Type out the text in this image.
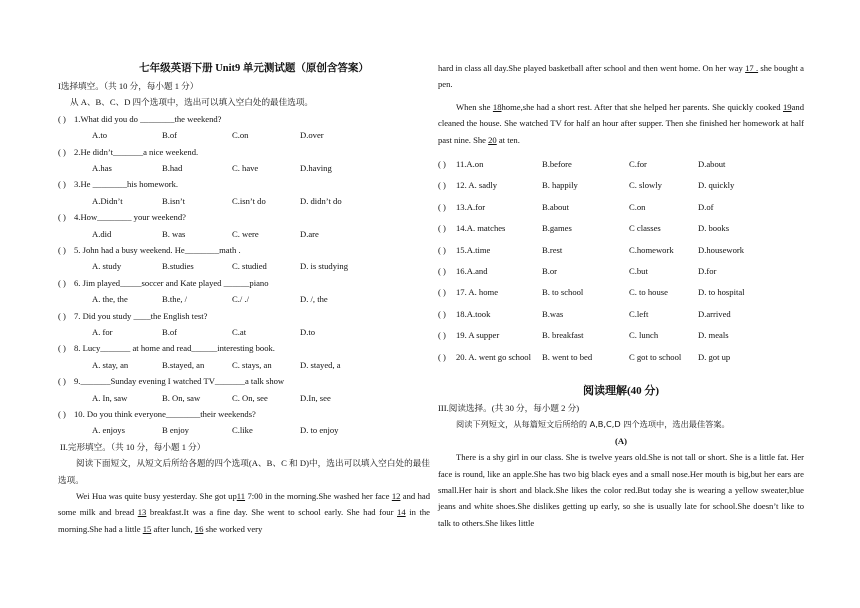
七年级英语下册 Unit9 单元测试题（原创含答案）
I选择填空。（共 10 分，每小题 1 分）
从 A、B、C、D 四个选项中，选出可以填入空白处的最佳选项。
( ) 1.What did you do ________the weekend?
A.to	B.of	C.on	D.over
( ) 2.He didn’t_______a nice weekend.
A.has	B.had	C. have	D.having
( ) 3.He ________his homework.
A.Didn’t	B.isn’t	C.isn’t do	D. didn’t do
( ) 4.How________ your weekend?
A.did	B. was	C. were	D.are
( ) 5. John had a busy weekend. He________math .
A. study	B.studies	C. studied	D. is studying
( ) 6. Jim played_____soccer and Kate played ______piano
A. the, the	B.the, /	C./ ./	D. /, the
( ) 7. Did you study ____the English test?
A. for	B.of	C.at	D.to
( ) 8. Lucy_______ at home and read______interesting book.
A. stay, an	B.stayed, an	C. stays, an	D. stayed, a
( ) 9._______Sunday evening I watched TV_______a talk show
A. In, saw	B. On, saw	C. On, see	D.In, see
( ) 10. Do you think everyone________their weekends?
A. enjoys	B enjoy	C.like	D. to enjoy
II.完形填空。（共 10 分，每小题 1 分）
阅读下面短文，从短文后所给各题的四个选项(A、B、C 和 D)中，选出可以填入空白处的最佳选项。
Wei Hua was quite busy yesterday. She got up11 7:00 in the morning.She washed her face 12 and had some milk and bread 13 breakfast.It was a fine day. She went to school early. She had four 14 in the morning.She had a little 15 after lunch, 16 she worked very
hard in class all day.She played basketball after school and then went home. On her way 17 . she bought a pen.
When she 18home,she had a short rest. After that she helped her parents. She quickly cooked 19and cleaned the house. She watched TV for half an hour after supper. Then she finished her homework at half past nine. She 20 at ten.
( ) 11.A.on	B.before	C.for	D.about
( ) 12. A. sadly	B. happily	C. slowly	D. quickly
( ) 13.A.for	B.about	C.on	D.of
( ) 14.A. matches	B.games	C classes	D. books
( ) 15.A.time	B.rest	C.homework	D.housework
( ) 16.A.and	B.or	C.but	D.for
( ) 17. A. home	B. to school	C. to house	D. to hospital
( ) 18.A.took	B.was	C.left	D.arrived
( ) 19. A supper	B. breakfast	C. lunch	D. meals
( ) 20. A. went go school B. went to bed	C got to school D. got up
阅读理解(40 分)
III.阅读选择。(共 30 分，每小题 2 分)
阅读下列短文，从每篇短文后所给的 A,B,C,D 四个选项中，选出最佳答案。
(A)
There is a shy girl in our class. She is twelve years old.She is not tall or short. She is a little fat. Her face is round, like an apple.She has two big black eyes and a small nose.Her mouth is big,but her ears are small.Her hair is short and black.She likes the color red.But today she is wearing a yellow sweater,blue jeans and white shoes.She dislikes getting up early, so she is usually late for school.She doesn’t like to talk to others.She likes little
